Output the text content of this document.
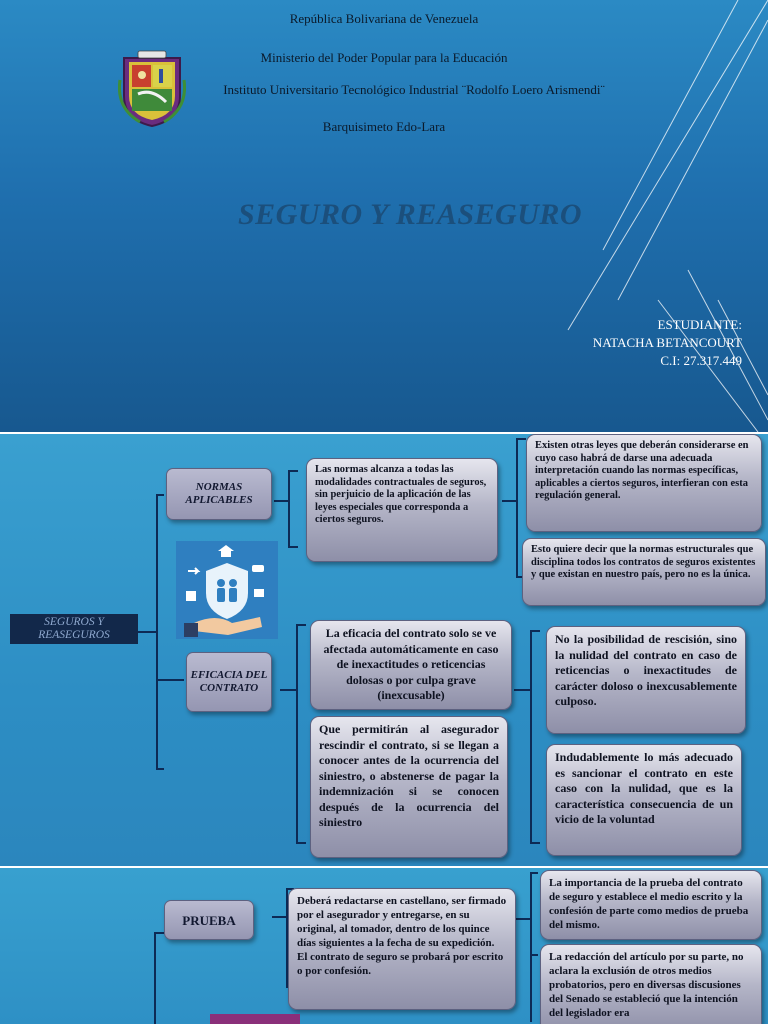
República Bolivariana de Venezuela
Ministerio del Poder Popular para la Educación
Instituto Universitario Tecnológico Industrial ¨Rodolfo Loero Arismendi¨
Barquisimeto Edo-Lara
SEGURO Y REASEGURO
ESTUDIANTE:
NATACHA BETANCOURT
C.I: 27.317.449
SEGUROS Y REASEGUROS
NORMAS APLICABLES
EFICACIA DEL CONTRATO
Las normas alcanza a todas las modalidades contractuales de seguros, sin perjuicio de la aplicación de las leyes especiales que corresponda a ciertos seguros.
Existen otras leyes que deberán considerarse en cuyo caso habrá de darse una adecuada interpretación cuando las normas específicas, aplicables a ciertos seguros, interfieran con esta regulación general.
Esto quiere decir que la normas estructurales que disciplina todos los contratos de seguros existentes y que existan en nuestro país, pero no es la única.
La eficacia del contrato solo se ve afectada automáticamente en caso de inexactitudes o reticencias dolosas o por culpa grave (inexcusable)
Que permitirán al asegurador rescindir el contrato, si se llegan a conocer antes de la ocurrencia del siniestro, o abstenerse de pagar la indemnización si se conocen después de la ocurrencia del siniestro
No la posibilidad de rescisión, sino la nulidad del contrato en caso de reticencias o inexactitudes de carácter doloso o inexcusablemente culposo.
Indudablemente lo más adecuado es sancionar el contrato en este caso con la nulidad, que es la característica consecuencia de un vicio de la voluntad
PRUEBA
Deberá redactarse en castellano, ser firmado por el asegurador y entregarse, en su original, al tomador, dentro de los quince días siguientes a la fecha de su expedición. El contrato de seguro se probará por escrito o por confesión.
La importancia de la prueba del contrato de seguro y establece el medio escrito y la confesión de parte como medios de prueba del mismo.
La redacción del artículo por su parte, no aclara la exclusión de otros medios probatorios, pero en diversas discusiones del Senado se estableció que la intención del legislador era
